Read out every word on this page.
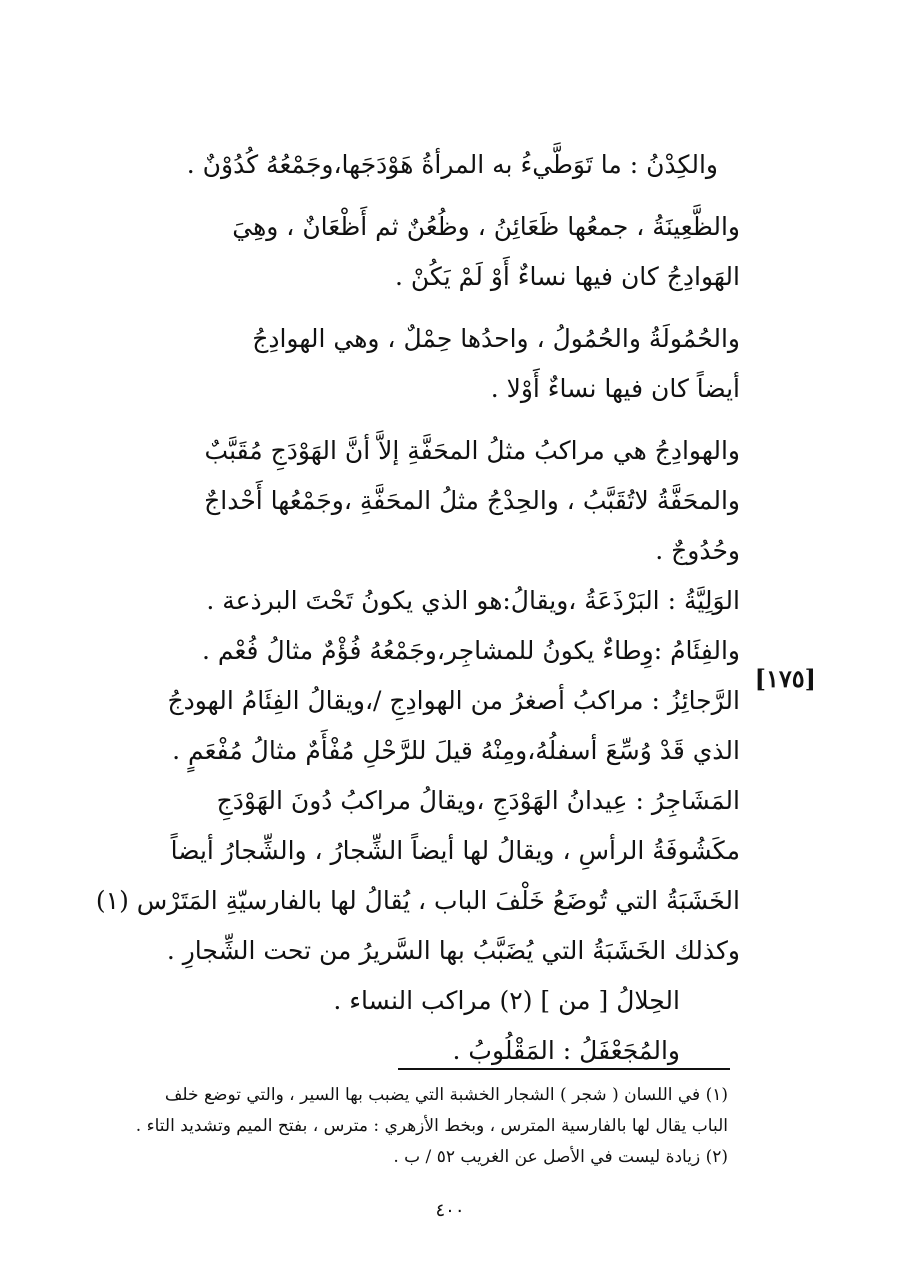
والكِدْنُ : ما تَوَطَّيءُ به المرأةُ هَوْدَجَها،وجَمْعُهُ كُدُوْنٌ .
والظَّعِينَةُ ، جمعُها ظَعَائِنُ ، وظُعُنٌ ثم أَظْعَانٌ ، وهِيَ
الهَوادِجُ كان فيها نساءٌ أَوْ لَمْ يَكُنْ .
والحُمُولَةُ والحُمُولُ ، واحدُها حِمْلٌ ، وهي الهوادِجُ
أيضاً كان فيها نساءٌ أَوْلا .
والهوادِجُ هي مراكبُ مثلُ المحَفَّةِ إلاَّ أنَّ الهَوْدَجِ مُقَبَّبٌ
والمحَفَّةُ لاتُقَبَّبُ ، والحِدْجُ مثلُ المحَفَّةِ ،وجَمْعُها أَحْداجٌ
وحُدُوجٌ .
الوَلِيَّةُ : البَرْذَعَةُ ،ويقالُ:هو الذي يكونُ تَحْتَ البرذعة .
والفِئَامُ :وِطاءٌ يكونُ للمشاجِر،وجَمْعُهُ فُؤْمٌ مثالُ فُعْم .
الرَّجائِزُ : مراكبُ أصغرُ من الهوادِجِ /،ويقالُ الفِئَامُ الهودجُ
الذي قَدْ وُسِّعَ أسفلُهُ،ومِنْهُ قيلَ للرَّحْلِ مُفْأَمٌ مثالُ مُفْعَمٍ .
المَشَاجِرُ : عِيدانُ الهَوْدَجِ ،ويقالُ مراكبُ دُونَ الهَوْدَجِ
مكَشُوفَةُ الرأسِ ، ويقالُ لها أيضاً الشِّجارُ ، والشِّجارُ أيضاً
الخَشَبَةُ التي تُوضَعُ خَلْفَ الباب ، يُقالُ لها بالفارسيّةِ المَتَرْس (١)
وكذلك الخَشَبَةُ التي يُضَبَّبُ بها السَّريرُ من تحت الشِّجارِ .
الحِلالُ [ من ] (٢) مراكب النساء .
والمُجَعْفَلُ : المَقْلُوبُ .
[١٧٥]
(١) في اللسان ( شجر ) الشجار الخشبة التي يضبب بها السير ، والتي توضع خلف
الباب يقال لها بالفارسية المترس ، وبخط الأزهري : مترس ، بفتح الميم وتشديد التاء .
(٢) زيادة ليست في الأصل عن الغريب ٥٢ / ب .
٤٠٠
